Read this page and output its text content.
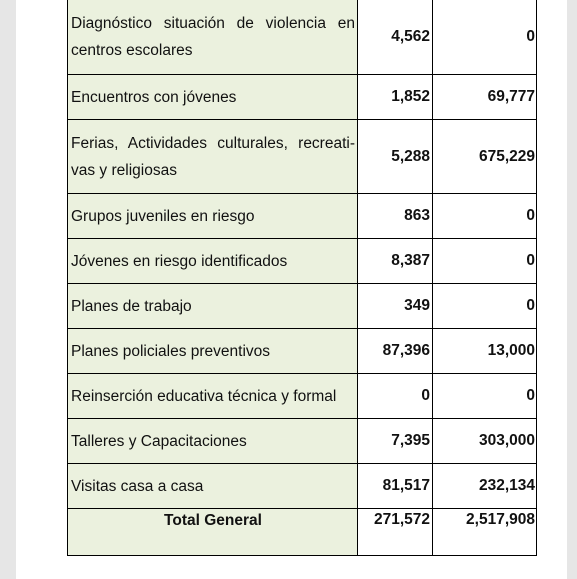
Diagnóstico situación de violencia en centros escolares	4,562	0
Encuentros con jóvenes	1,852	69,777
Ferias, Actividades culturales, recreati-vas y religiosas	5,288	675,229
Grupos juveniles en riesgo	863	0
Jóvenes en riesgo identificados	8,387	0
Planes de trabajo	349	0
Planes policiales preventivos	87,396	13,000
Reinserción educativa técnica y formal	0	0
Talleres y Capacitaciones	7,395	303,000
Visitas casa a casa	81,517	232,134
Total General	271,572	2,517,908
